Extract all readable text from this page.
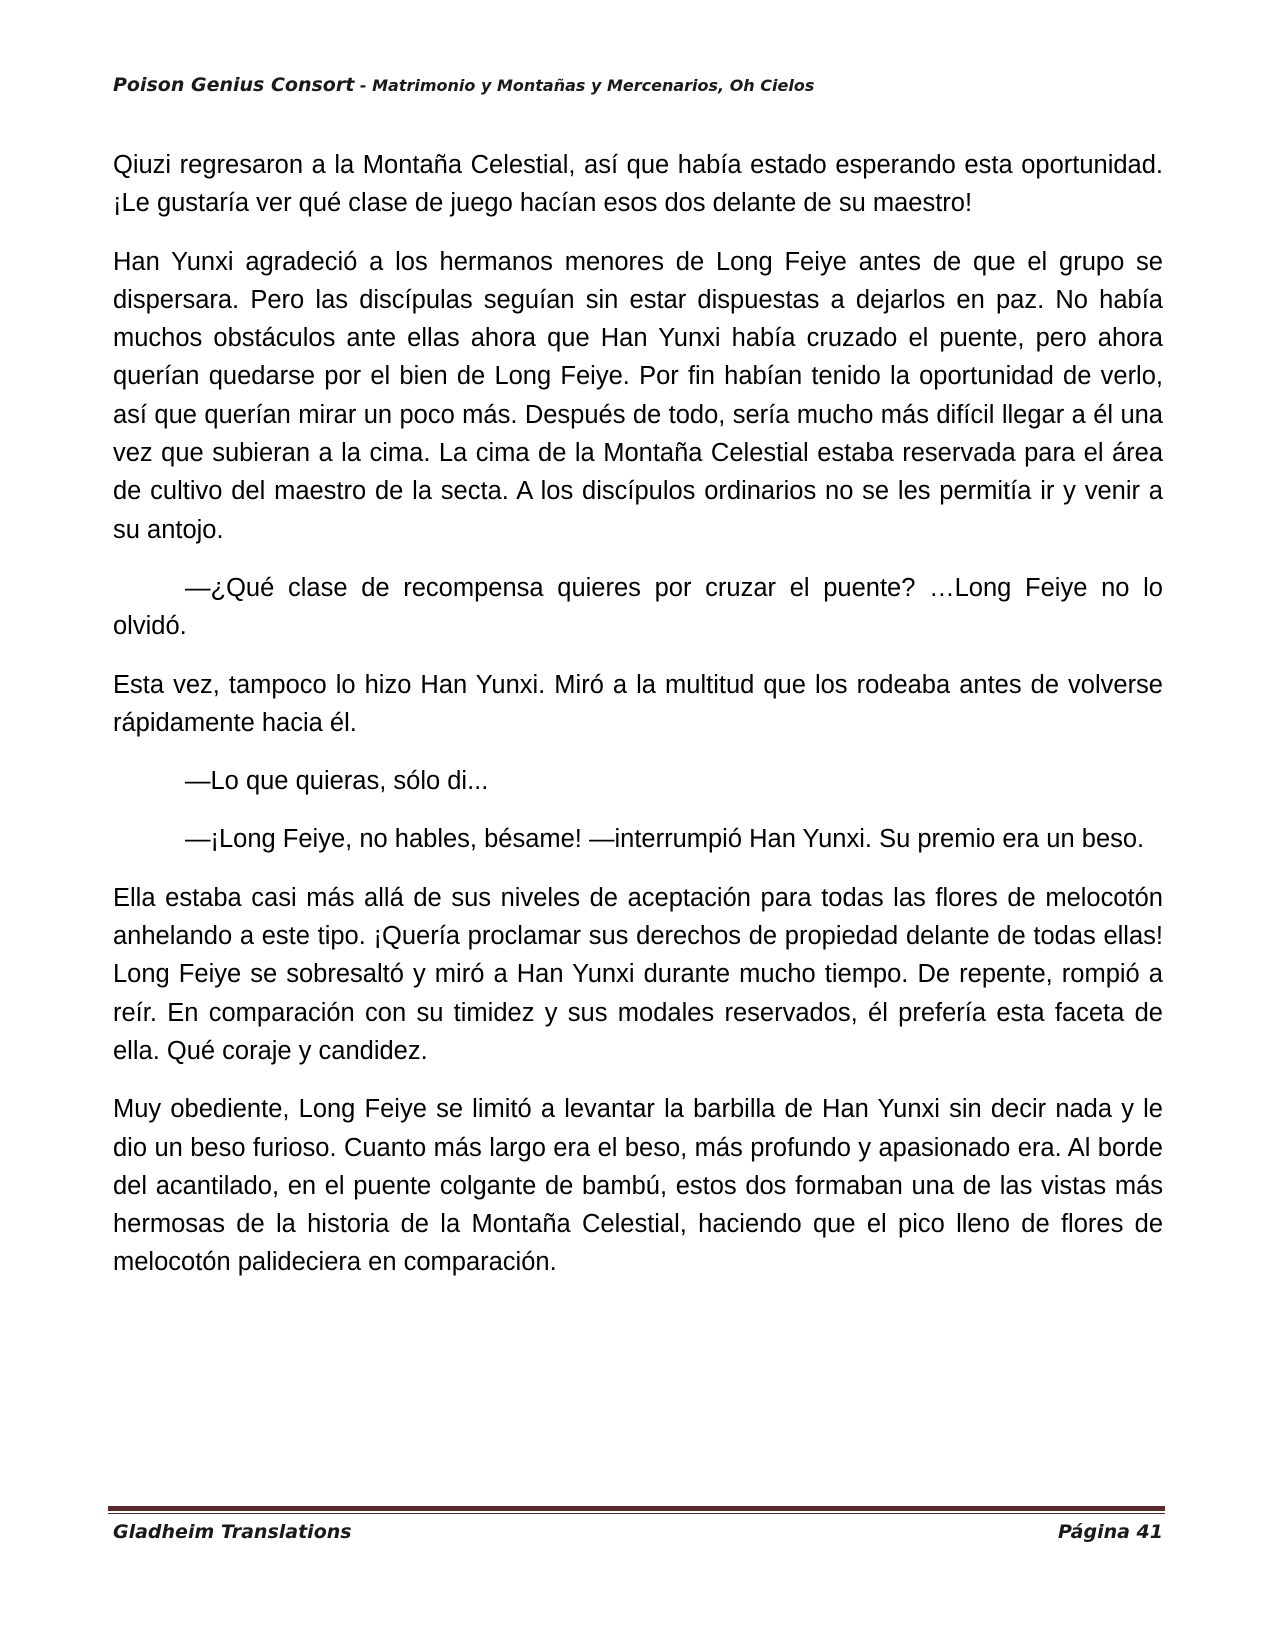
Poison Genius Consort - Matrimonio y Montañas y Mercenarios, Oh Cielos

Qiuzi regresaron a la Montaña Celestial, así que había estado esperando esta oportunidad. ¡Le gustaría ver qué clase de juego hacían esos dos delante de su maestro!

Han Yunxi agradeció a los hermanos menores de Long Feiye antes de que el grupo se dispersara. Pero las discípulas seguían sin estar dispuestas a dejarlos en paz. No había muchos obstáculos ante ellas ahora que Han Yunxi había cruzado el puente, pero ahora querían quedarse por el bien de Long Feiye. Por fin habían tenido la oportunidad de verlo, así que querían mirar un poco más. Después de todo, sería mucho más difícil llegar a él una vez que subieran a la cima. La cima de la Montaña Celestial estaba reservada para el área de cultivo del maestro de la secta. A los discípulos ordinarios no se les permitía ir y venir a su antojo.

—¿Qué clase de recompensa quieres por cruzar el puente? …Long Feiye no lo olvidó.

Esta vez, tampoco lo hizo Han Yunxi. Miró a la multitud que los rodeaba antes de volverse rápidamente hacia él.

—Lo que quieras, sólo di...

—¡Long Feiye, no hables, bésame! —interrumpió Han Yunxi. Su premio era un beso.

Ella estaba casi más allá de sus niveles de aceptación para todas las flores de melocotón anhelando a este tipo. ¡Quería proclamar sus derechos de propiedad delante de todas ellas! Long Feiye se sobresaltó y miró a Han Yunxi durante mucho tiempo. De repente, rompió a reír. En comparación con su timidez y sus modales reservados, él prefería esta faceta de ella. Qué coraje y candidez.

Muy obediente, Long Feiye se limitó a levantar la barbilla de Han Yunxi sin decir nada y le dio un beso furioso. Cuanto más largo era el beso, más profundo y apasionado era. Al borde del acantilado, en el puente colgante de bambú, estos dos formaban una de las vistas más hermosas de la historia de la Montaña Celestial, haciendo que el pico lleno de flores de melocotón palideciera en comparación.

Gladheim Translations	Página 41
